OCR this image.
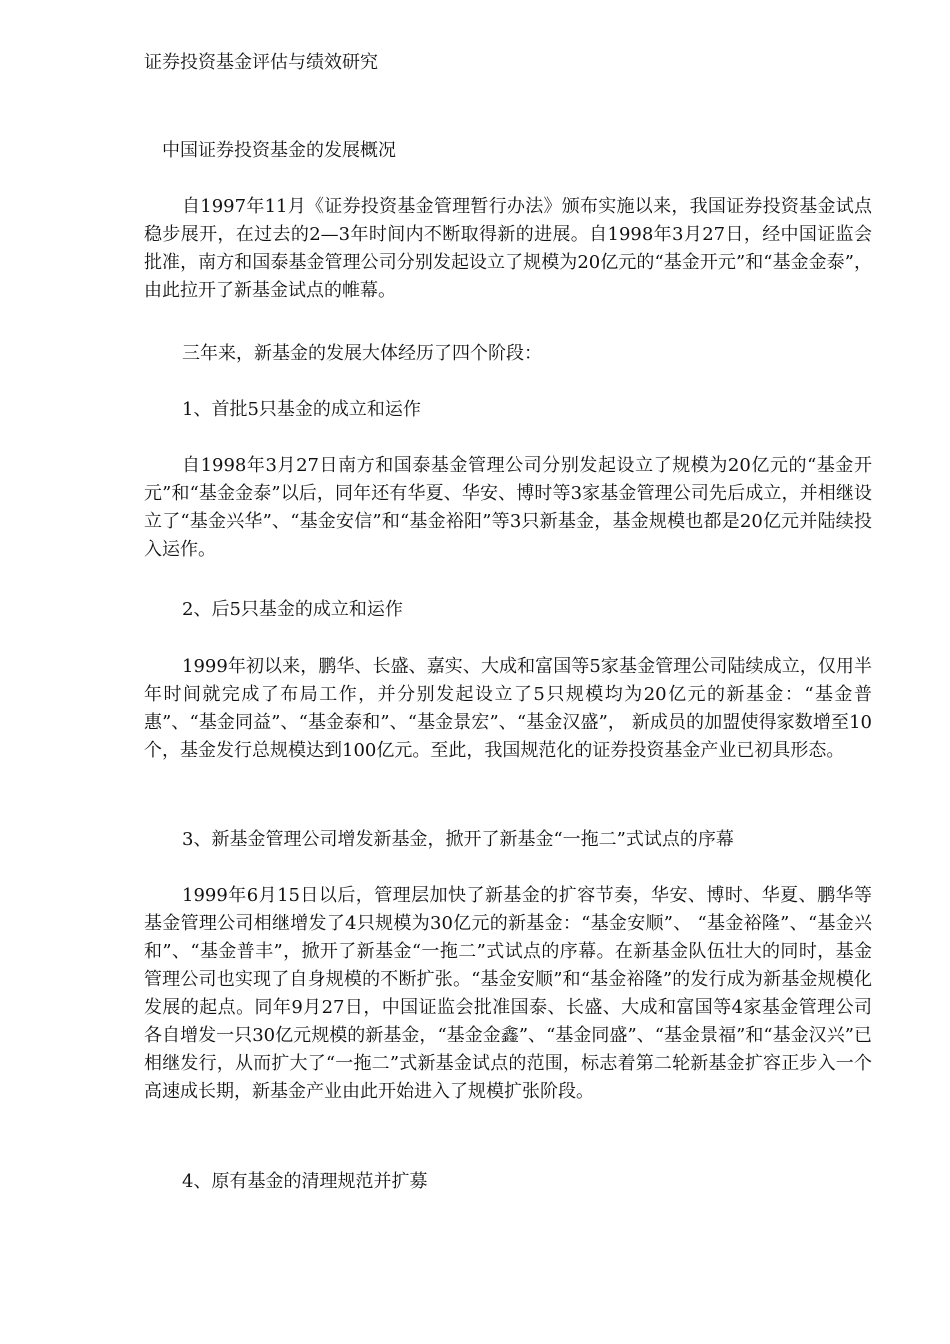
证券投资基金评估与绩效研究
中国证券投资基金的发展概况

自1997年11月《证券投资基金管理暂行办法》颁布实施以来，我国证券投资基金试点稳步展开，在过去的2—3年时间内不断取得新的进展。自1998年3月27日，经中国证监会批准，南方和国泰基金管理公司分别发起设立了规模为20亿元的“基金开元”和“基金金泰”，由此拉开了新基金试点的帷幕。

三年来，新基金的发展大体经历了四个阶段：

1、首批5只基金的成立和运作

自1998年3月27日南方和国泰基金管理公司分别发起设立了规模为20亿元的“基金开元”和“基金金泰”以后，同年还有华夏、华安、博时等3家基金管理公司先后成立，并相继设立了“基金兴华”、“基金安信”和“基金裕阳”等3只新基金，基金规模也都是20亿元并陆续投入运作。

2、后5只基金的成立和运作

1999年初以来，鹏华、长盛、嘉实、大成和富国等5家基金管理公司陆续成立，仅用半年时间就完成了布局工作，并分别发起设立了5只规模均为20亿元的新基金：“基金普惠”、“基金同益”、“基金泰和”、“基金景宏”、“基金汉盛”， 新成员的加盟使得家数增至10个，基金发行总规模达到100亿元。至此，我国规范化的证券投资基金产业已初具形态。

3、新基金管理公司增发新基金，掀开了新基金“一拖二”式试点的序幕

1999年6月15日以后，管理层加快了新基金的扩容节奏，华安、博时、华夏、鹏华等基金管理公司相继增发了4只规模为30亿元的新基金：“基金安顺”、 “基金裕隆”、“基金兴和”、“基金普丰”，掀开了新基金“一拖二”式试点的序幕。在新基金队伍壮大的同时，基金管理公司也实现了自身规模的不断扩张。“基金安顺”和“基金裕隆”的发行成为新基金规模化发展的起点。同年9月27日，中国证监会批准国泰、长盛、大成和富国等4家基金管理公司各自增发一只30亿元规模的新基金，“基金金鑫”、“基金同盛”、“基金景福”和“基金汉兴”已相继发行，从而扩大了“一拖二”式新基金试点的范围，标志着第二轮新基金扩容正步入一个高速成长期，新基金产业由此开始进入了规模扩张阶段。

4、原有基金的清理规范并扩募
